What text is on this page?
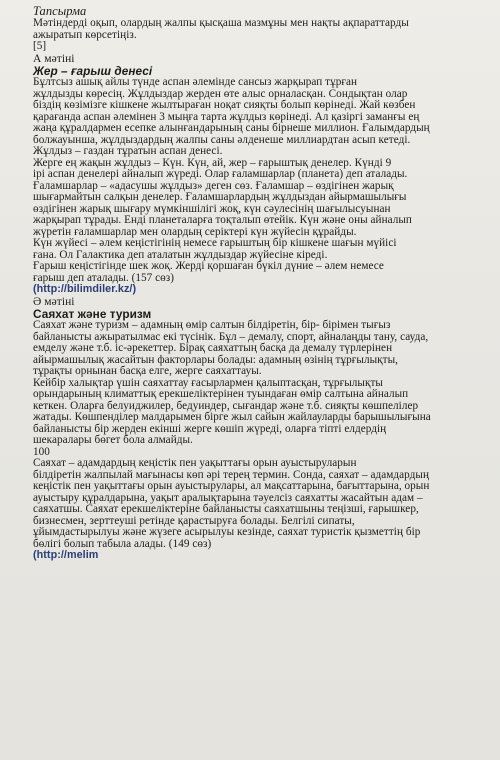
Тапсырма
Мәтіндерді оқып, олардың жалпы қысқаша мазмұны мен нақты ақпараттарды
ажыратып көрсетіңіз.
[5]
А мәтіні
Жер – ғарыш денесі
Бұлтсыз ашық айлы түнде аспан әлемінде сансыз жарқырап тұрған
жұлдызды көресің. Жұлдыздар жерден өте алыс орналасқан. Сондықтан олар
біздің көзімізге кішкене жылтыраған ноқат сияқты болып көрінеді. Жай көзбен
қарағанда аспан әлемінен 3 мыңға тарта жұлдыз көрінеді. Ал қазіргі заманғы ең
жаңа құралдармен есепке алынғандарының саны бірнеше миллион. Ғалымдардың
болжауынша, жұлдыздардың жалпы саны әлденеше миллиардтан асып кетеді.
Жұлдыз – газдан тұратын аспан денесі.
Жерге ең жақын жұлдыз – Күн. Күн, ай, жер – ғарыштық денелер. Күнді 9
ірі аспан денелері айналып жүреді. Олар ғаламшарлар (планета) деп аталады.
Ғаламшарлар – «адасушы жұлдыз» деген сөз. Ғаламшар – өздігінен жарық
шығармайтын салқын денелер. Ғаламшарлардың жұлдыздан айырмашылығы
өздігінен жарық шығару мүмкіншілігі жоқ, күн сәулесінің шағылысуынан
жарқырап тұрады. Енді планеталарға тоқталып өтейік. Күн және оны айналып
жүретін ғаламшарлар мен олардың серіктері күн жүйесін құрайды.
Күн жүйесі – әлем кеңістігінің немесе ғарыштың бір кішкене шағын мүйісі
ғана. Ол Галактика деп аталатын жұлдыздар жүйесіне кіреді.
Ғарыш кеңістігінде шек жоқ. Жерді қоршаған бүкіл дүние – әлем немесе
ғарыш деп аталады. (157 сөз)
(http://bilimdiler.kz/)
Ә мәтіні
Саяхат және туризм
Саяхат және туризм – адамның өмір салтын білдіретін, бір- бірімен тығыз
байланысты ажыратылмас екі түсінік. Бұл – демалу, спорт, айналаңды тану, сауда,
емделу және т.б. іс-әрекеттер. Бірақ саяхаттың басқа да демалу түрлерінен
айырмашылық жасайтын факторлары болады: адамның өзінің тұрғылықты,
тұрақты орнынан басқа елге, жерге саяхаттауы.
Кейбір халықтар үшін саяхаттау ғасырлармен қалыптасқан, тұрғылықты
орындарының климаттық ерекшеліктерінен туындаған өмір салтына айналып
кеткен. Оларға белуиджилер, бедуиндер, сығандар және т.б. сияқты көшпелілер
жатады. Көшпенділер малдарымен бірге жыл сайын жайлауларды барышылығына
байланысты бір жерден екінші жерге көшіп жүреді, оларға тіпті елдердің
шекаралары бөгет бола алмайды.
100
Саяхат – адамдардың кеңістік пен уақыттағы орын ауыстыруларын
білдіретін жалпылай мағынасы көп әрі терең термин. Сонда, саяхат – адамдардың
кеңістік пен уақыттағы орын ауыстырулары, ал мақсаттарына, бағыттарына, орын
ауыстыру құралдарына, уақыт аралықтарына тәуелсіз саяхатты жасайтын адам –
саяхатшы. Саяхат ерекшеліктеріне байланысты саяхатшыны теңізші, ғарышкер,
бизнесмен, зерттеуші ретінде қарастыруға болады. Белгілі сипаты,
ұйымдастырылуы және жүзеге асырылуы кезінде, саяхат туристік қызметтің бір
бөлігі болып табыла алады. (149 сөз)
(http://melim
